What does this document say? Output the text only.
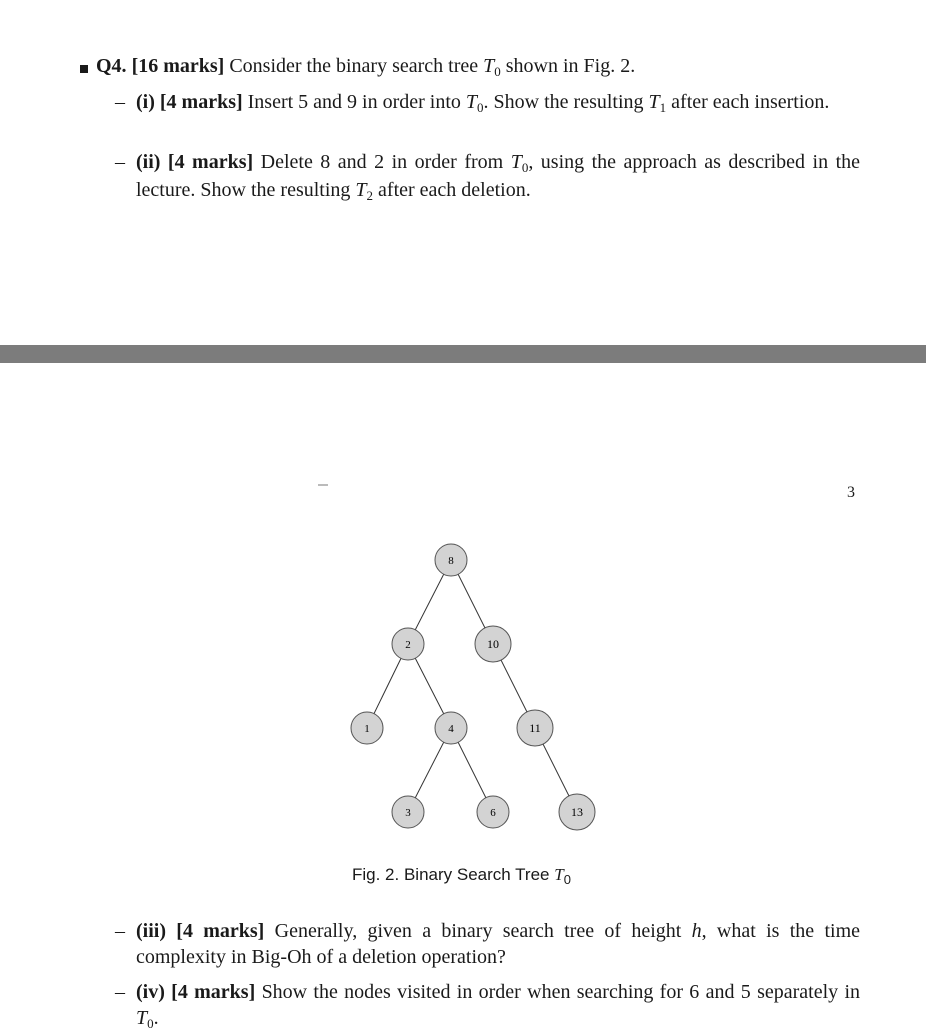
Q4. [16 marks] Consider the binary search tree $T_0$ shown in Fig. 2.
– (i) [4 marks] Insert 5 and 9 in order into $T_0$. Show the resulting $T_1$ after each insertion.
– (ii) [4 marks] Delete 8 and 2 in order from $T_0$, using the approach as described in the lecture. Show the resulting $T_2$ after each deletion.
3
8
2	10
1	4	11
3	6	13
Fig. 2. Binary Search Tree $T_0$
– (iii) [4 marks] Generally, given a binary search tree of height h, what is the time complexity in Big-Oh of a deletion operation?
– (iv) [4 marks] Show the nodes visited in order when searching for 6 and 5 separately in $T_0$.
